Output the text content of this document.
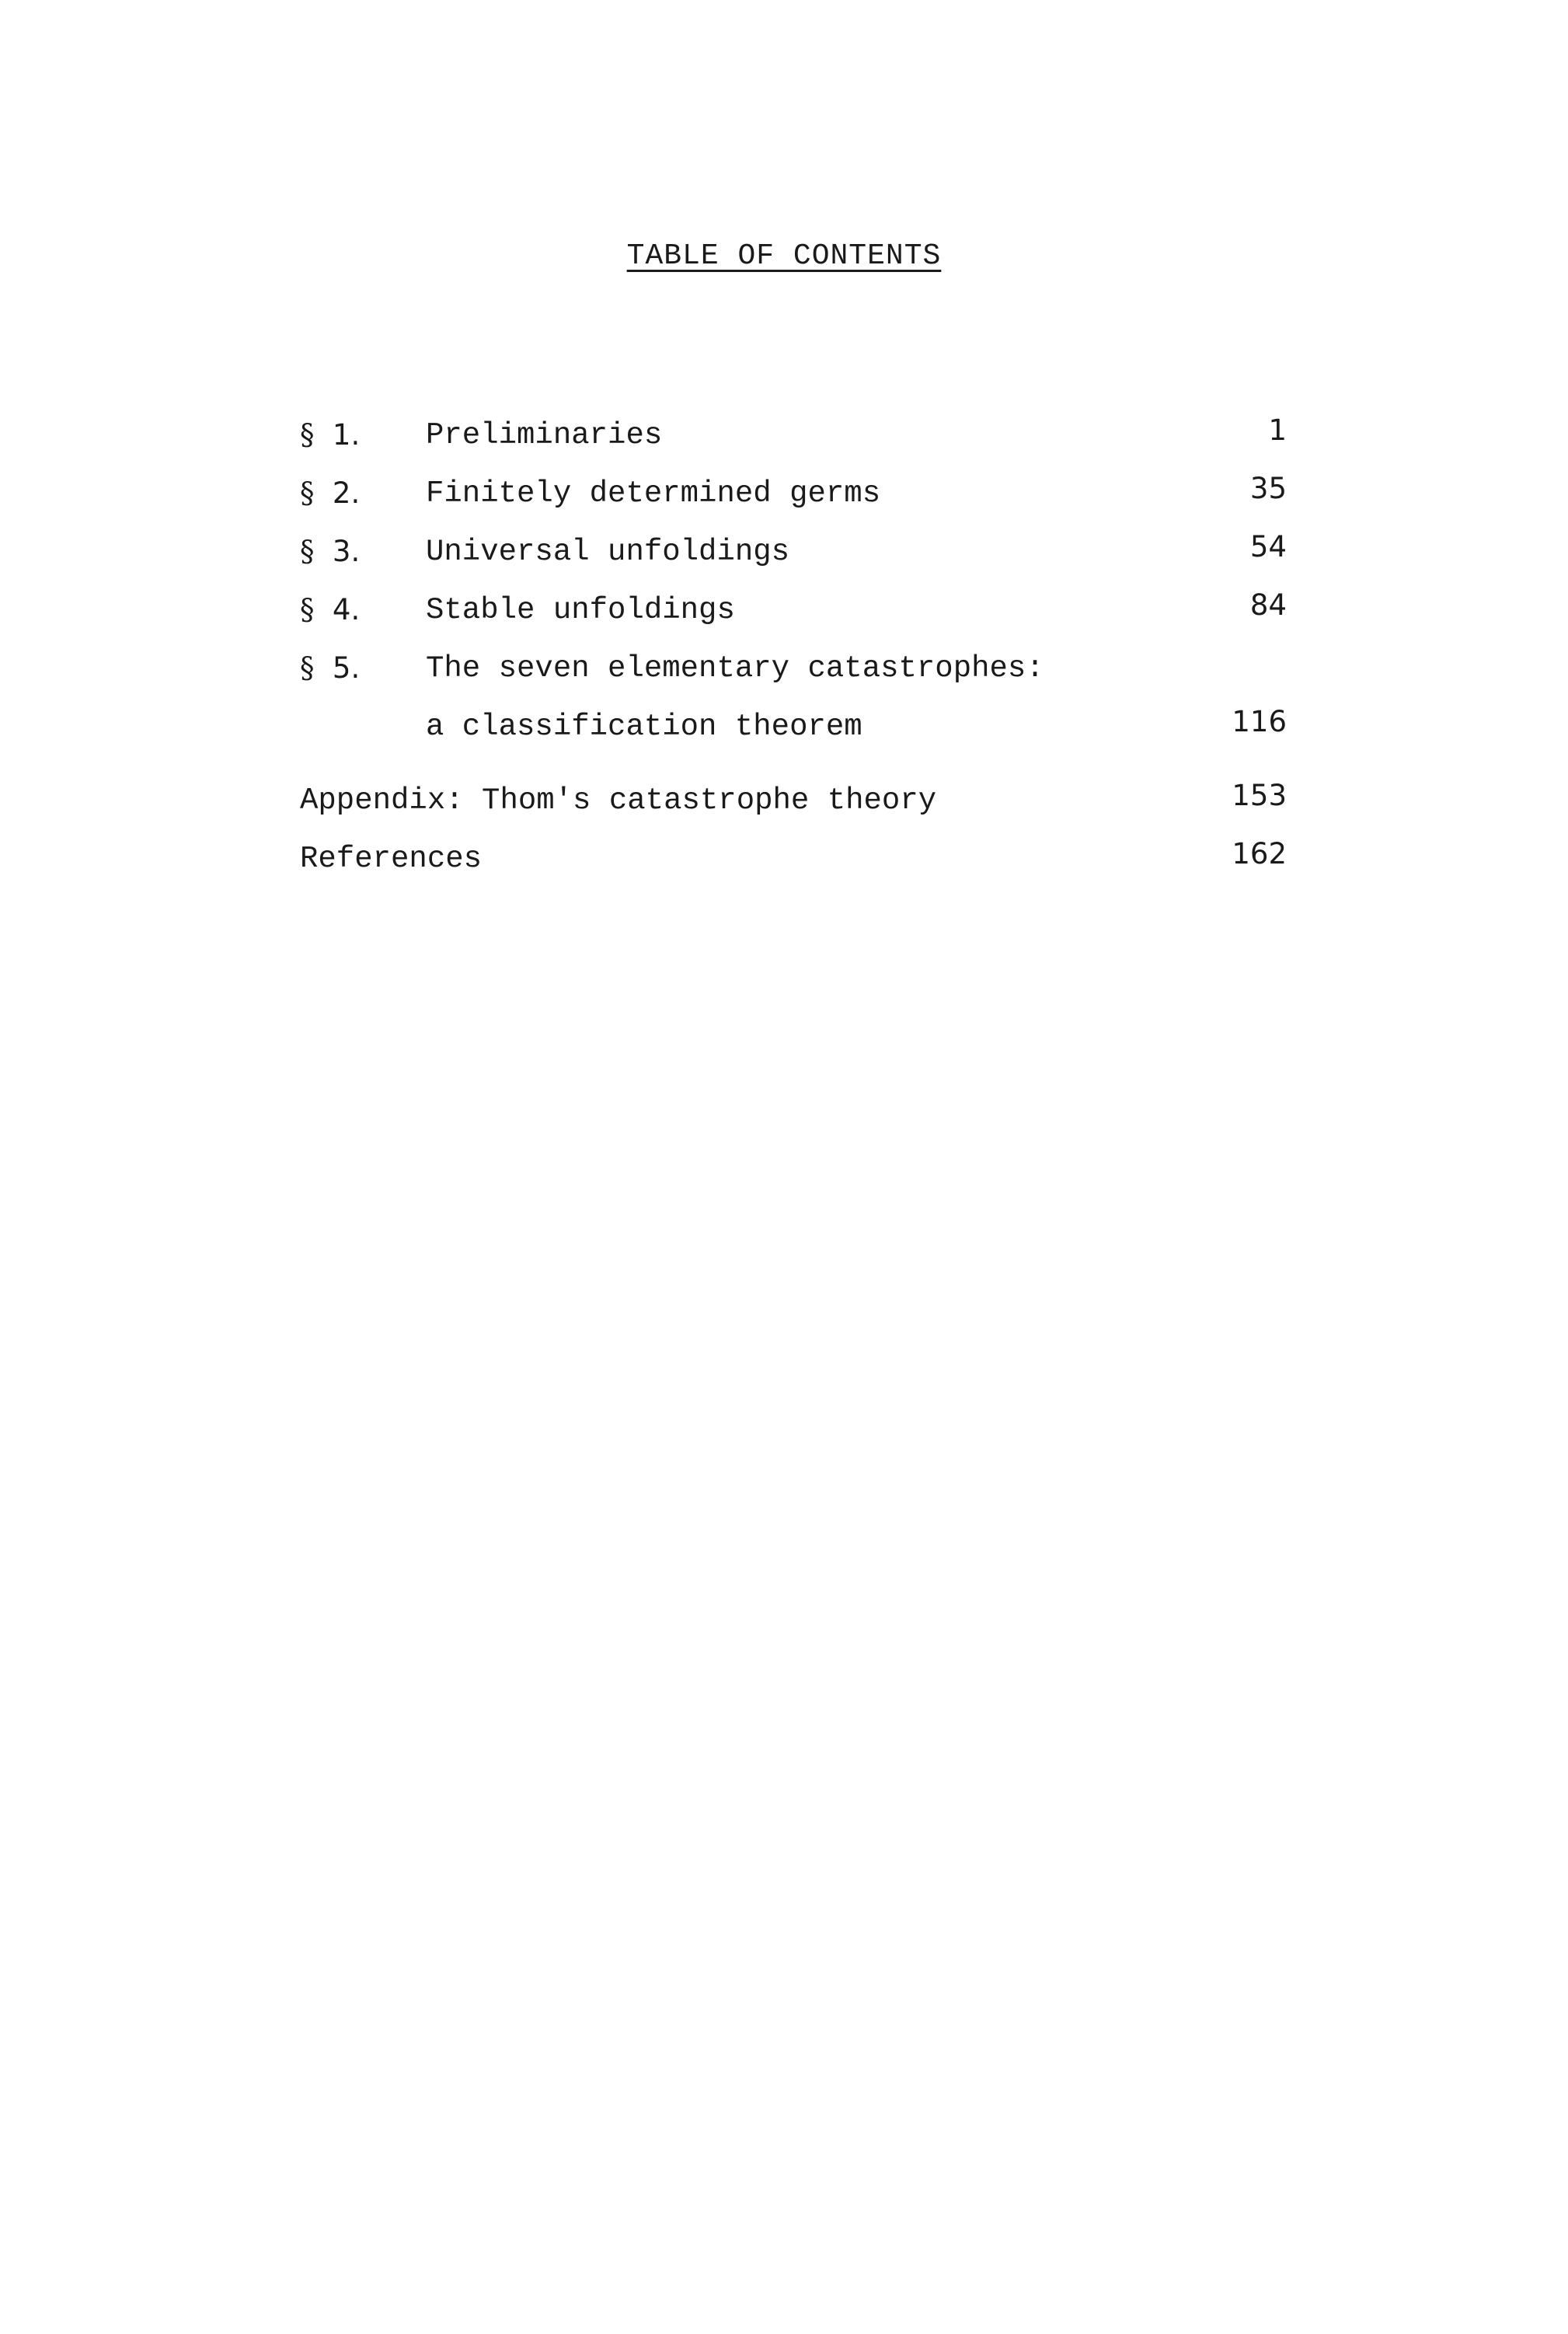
TABLE OF CONTENTS
§ 1. Preliminaries	1
§ 2. Finitely determined germs	35
§ 3. Universal unfoldings	54
§ 4. Stable unfoldings	84
§ 5. The seven elementary catastrophes:
a classification theorem	116
Appendix: Thom's catastrophe theory	153
References	162
